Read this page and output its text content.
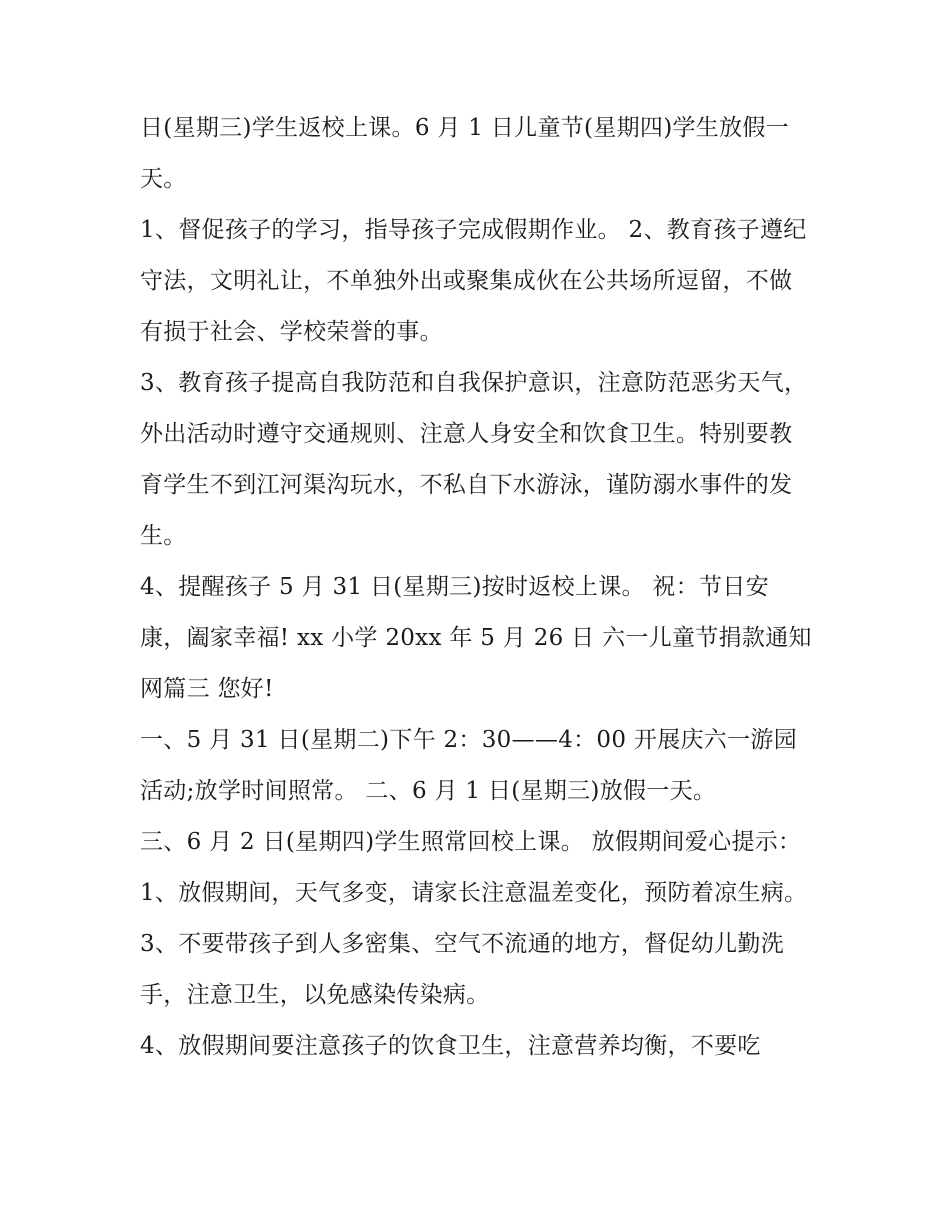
日(星期三)学生返校上课。6 月 1 日儿童节(星期四)学生放假一天。

1、督促孩子的学习，指导孩子完成假期作业。 2、教育孩子遵纪守法，文明礼让，不单独外出或聚集成伙在公共场所逗留，不做有损于社会、学校荣誉的事。

3、教育孩子提高自我防范和自我保护意识，注意防范恶劣天气，外出活动时遵守交通规则、注意人身安全和饮食卫生。特别要教育学生不到江河渠沟玩水，不私自下水游泳，谨防溺水事件的发生。

4、提醒孩子 5 月 31 日(星期三)按时返校上课。 祝：节日安康，阖家幸福! xx 小学 20xx 年 5 月 26 日 六一儿童节捐款通知网篇三 您好!

一、5 月 31 日(星期二)下午 2：30——4：00 开展庆六一游园活动;放学时间照常。 二、6 月 1 日(星期三)放假一天。

三、6 月 2 日(星期四)学生照常回校上课。 放假期间爱心提示： 1、放假期间，天气多变，请家长注意温差变化，预防着凉生病。

3、不要带孩子到人多密集、空气不流通的地方，督促幼儿勤洗手，注意卫生，以免感染传染病。

4、放假期间要注意孩子的饮食卫生，注意营养均衡，不要吃
